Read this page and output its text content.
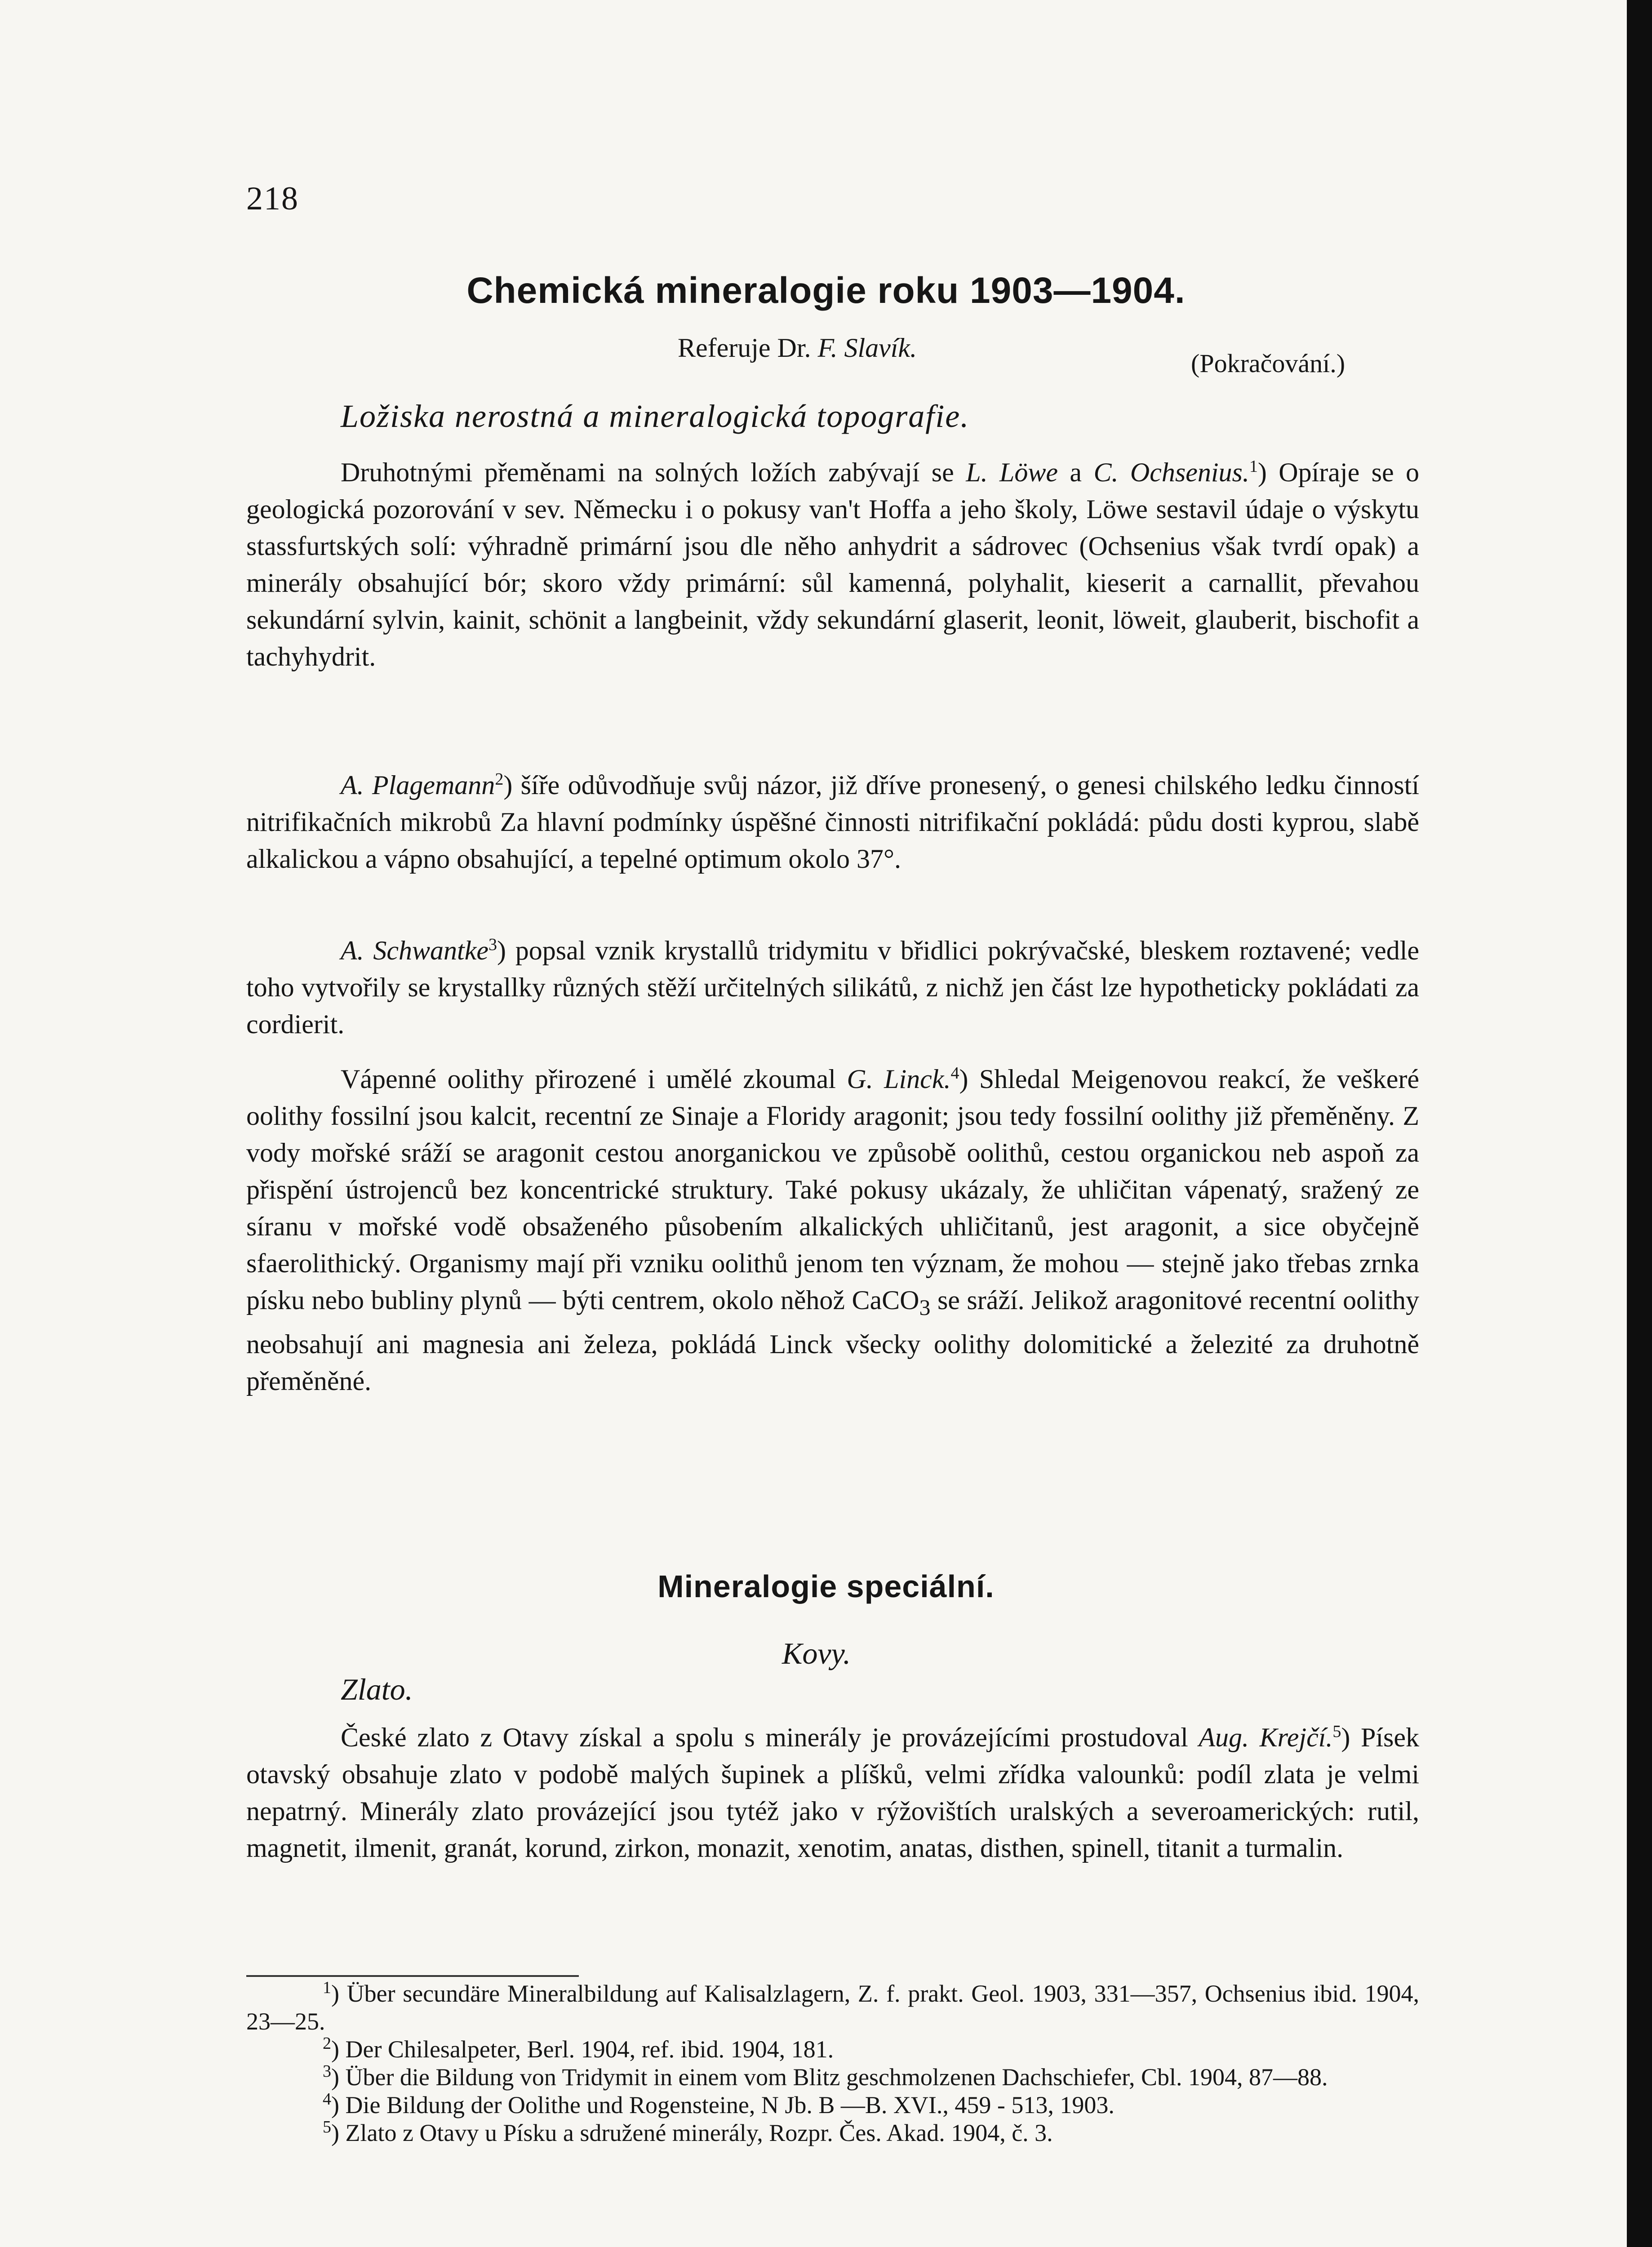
218
Chemická mineralogie roku 1903—1904.
Referuje Dr. F. Slavík.
(Pokračování.)
Ložiska nerostná a mineralogická topografie.

Druhotnými přeměnami na solných ložích zabývají se L. Löwe a C. Ochsenius.$^1$) Opíraje se o geologická pozorování v sev. Německu i o pokusy van't Hoffa a jeho školy, Löwe sestavil údaje o výskytu stassfurtských solí: výhradně primární jsou dle něho anhydrit a sádrovec (Ochsenius však tvrdí opak) a minerály obsahující bór; skoro vždy primární: sůl kamenná, polyhalit, kieserit a carnallit, převahou sekundární sylvin, kainit, schönit a langbeinit, vždy sekundární glaserit, leonit, löweit, glauberit, bischofit a tachyhydrit.

A. Plagemann$^2$) šíře odůvodňuje svůj názor, již dříve pronesený, o genesi chilského ledku činností nitrifikačních mikrobů Za hlavní podmínky úspěšné činnosti nitrifikační pokládá: půdu dosti kyprou, slabě alkalickou a vápno obsahující, a tepelné optimum okolo 37°.

A. Schwantke$^3$) popsal vznik krystallů tridymitu v břidlici pokrývačské, bleskem roztavené; vedle toho vytvořily se krystallky různých stěží určitelných silikátů, z nichž jen část lze hypotheticky pokládati za cordierit.

Vápenné oolithy přirozené i umělé zkoumal G. Linck.$^4$) Shledal Meigenovou reakcí, že veškeré oolithy fossilní jsou kalcit, recentní ze Sinaje a Floridy aragonit; jsou tedy fossilní oolithy již přeměněny. Z vody mořské sráží se aragonit cestou anorganickou ve způsobě oolithů, cestou organickou neb aspoň za přispění ústrojenců bez koncentrické struktury. Také pokusy ukázaly, že uhličitan vápenatý, sražený ze síranu v mořské vodě obsaženého působením alkalických uhličitanů, jest aragonit, a sice obyčejně sfaerolithický. Organismy mají při vzniku oolithů jenom ten význam, že mohou — stejně jako třebas zrnka písku nebo bubliny plynů — býti centrem, okolo něhož CaCO$_3$ se sráží. Jelikož aragonitové recentní oolithy neobsahují ani magnesia ani železa, pokládá Linck všecky oolithy dolomitické a železité za druhotně přeměněné.

Mineralogie speciální.
Kovy.
Zlato.

České zlato z Otavy získal a spolu s minerály je provázejícími prostudoval Aug. Krejčí.$^5$) Písek otavský obsahuje zlato v podobě malých šupinek a plíšků, velmi zřídka valounků: podíl zlata je velmi nepatrný. Minerály zlato provázející jsou tytéž jako v rýžovištích uralských a severoamerických: rutil, magnetit, ilmenit, granát, korund, zirkon, monazit, xenotim, anatas, disthen, spinell, titanit a turmalin.

$^1$) Über secundäre Mineralbildung auf Kalisalzlagern, Z. f. prakt. Geol. 1903, 331—357, Ochsenius ibid. 1904, 23—25.

$^2$) Der Chilesalpeter, Berl. 1904, ref. ibid. 1904, 181.

$^3$) Über die Bildung von Tridymit in einem vom Blitz geschmolzenen Dachschiefer, Cbl. 1904, 87—88.

$^4$) Die Bildung der Oolithe und Rogensteine, N Jb. B —B. XVI., 459 - 513, 1903.

$^5$) Zlato z Otavy u Písku a sdružené minerály, Rozpr. Čes. Akad. 1904, č. 3.
